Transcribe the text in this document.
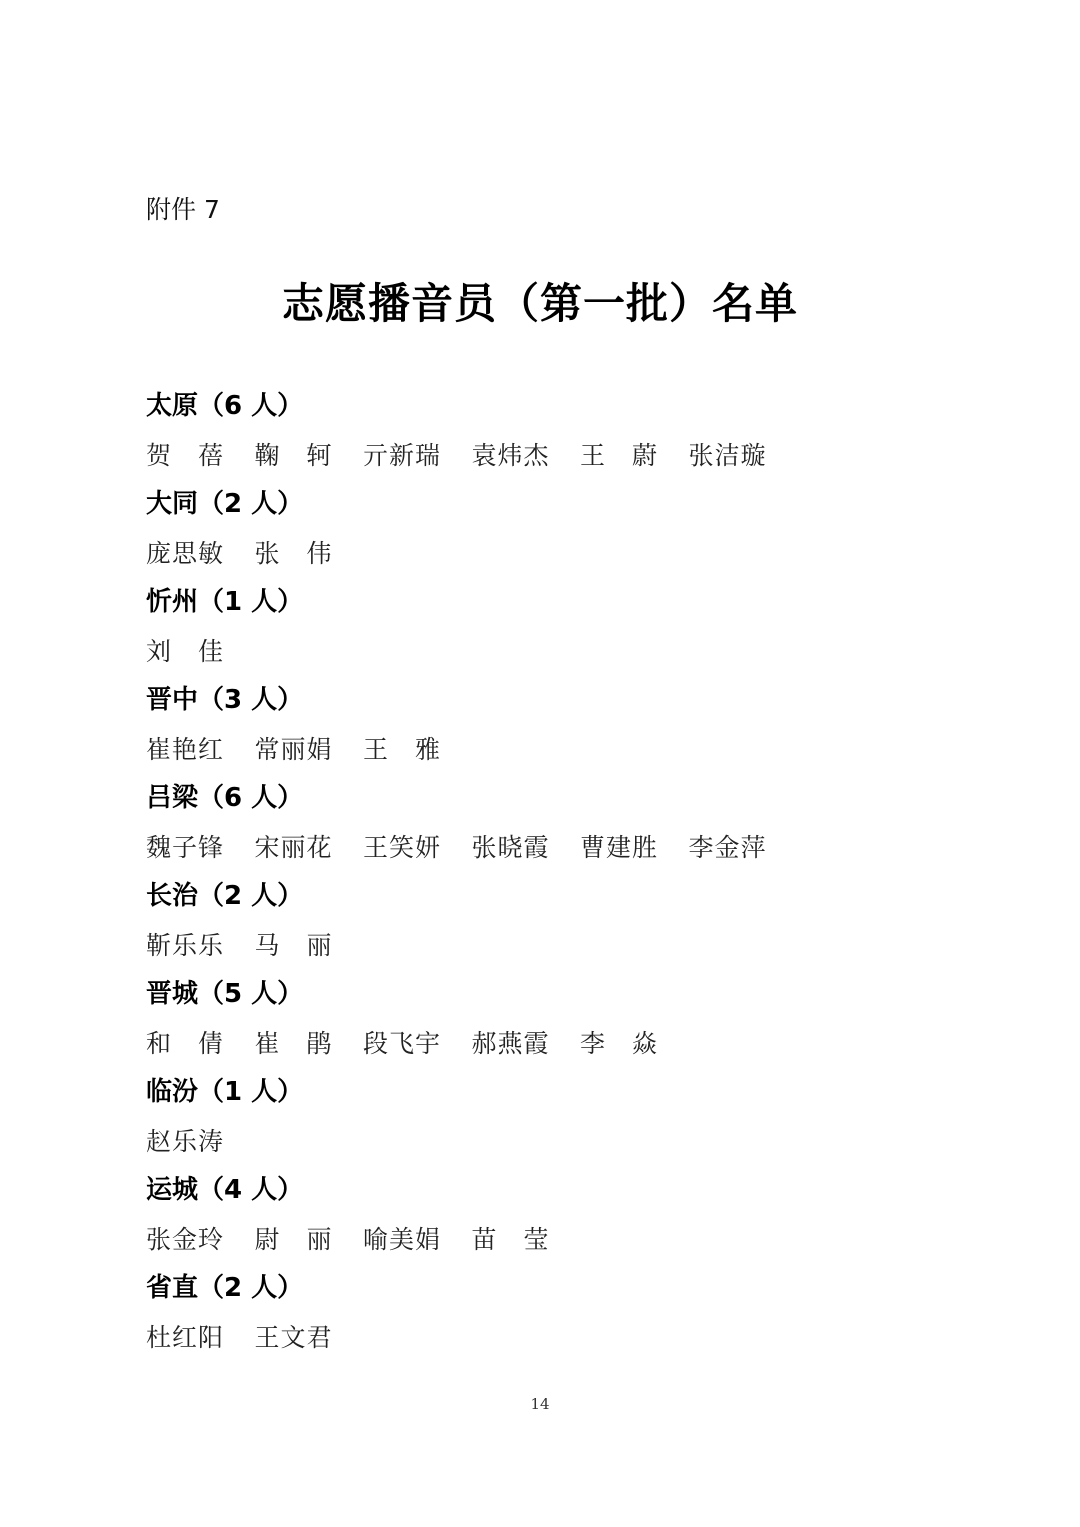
附件 7
志愿播音员（第一批）名单
太原（6 人）
贺　蓓	鞠　轲	亓新瑞	袁炜杰	王　蔚	张洁璇
大同（2 人）
庞思敏	张　伟
忻州（1 人）
刘　佳
晋中（3 人）
崔艳红	常丽娟	王　雅
吕梁（6 人）
魏子锋	宋丽花	王笑妍	张晓霞	曹建胜	李金萍
长治（2 人）
靳乐乐	马　丽
晋城（5 人）
和　倩	崔　鹃	段飞宇	郝燕霞	李　焱
临汾（1 人）
赵乐涛
运城（4 人）
张金玲	尉　丽	喻美娟	苗　莹
省直（2 人）
杜红阳	王文君
14
